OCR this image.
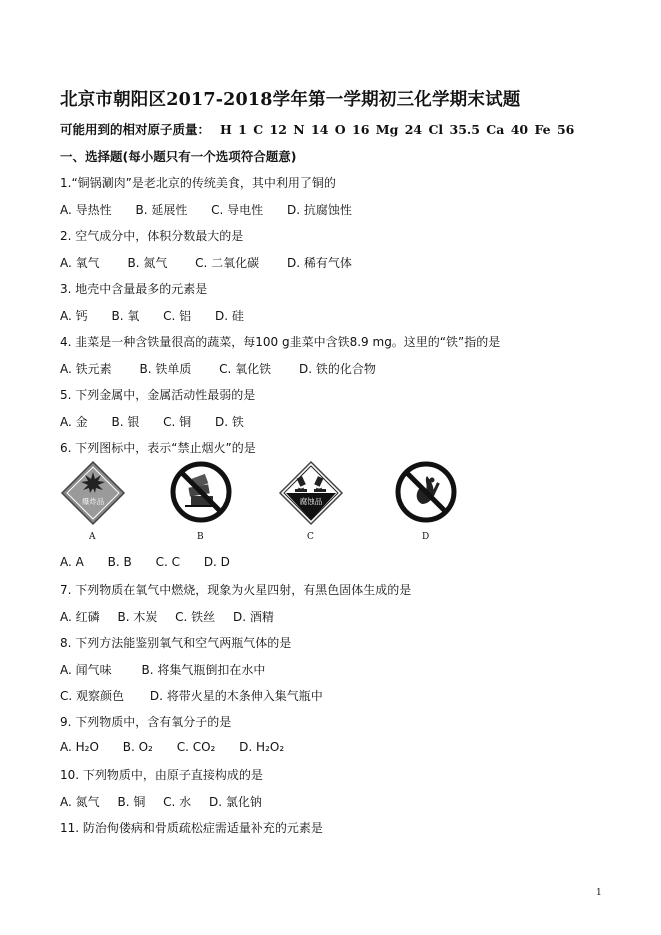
北京市朝阳区2017-2018学年第一学期初三化学期末试题
可能用到的相对原子质量： H 1 C 12 N 14 O 16 Mg 24 Cl 35.5 Ca 40 Fe 56
一、选择题(每小题只有一个选项符合题意)
1.“铜锅涮肉”是老北京的传统美食，其中利用了铜的
A. 导热性 B. 延展性 C. 导电性 D. 抗腐蚀性
2. 空气成分中，体积分数最大的是
A. 氧气 B. 氮气 C. 二氧化碳 D. 稀有气体
3. 地壳中含量最多的元素是
A. 钙 B. 氧 C. 铝 D. 硅
4. 韭菜是一种含铁量很高的蔬菜，每100 g韭菜中含铁8.9 mg。这里的“铁”指的是
A. 铁元素 B. 铁单质 C. 氧化铁 D. 铁的化合物
5. 下列金属中，金属活动性最弱的是
A. 金 B. 银 C. 铜 D. 铁
6. 下列图标中，表示“禁止烟火”的是
爆炸品
A	B
腐蚀品
C	D
A. A B. B C. C D. D
7. 下列物质在氧气中燃烧，现象为火星四射，有黑色固体生成的是
A. 红磷 B. 木炭 C. 铁丝 D. 酒精
8. 下列方法能鉴别氧气和空气两瓶气体的是
A. 闻气味 B. 将集气瓶倒扣在水中
C. 观察颜色 D. 将带火星的木条伸入集气瓶中
9. 下列物质中，含有氧分子的是
A. H₂O B. O₂ C. CO₂ D. H₂O₂
10. 下列物质中，由原子直接构成的是
A. 氮气 B. 铜 C. 水 D. 氯化钠
11. 防治佝偻病和骨质疏松症需适量补充的元素是
1
